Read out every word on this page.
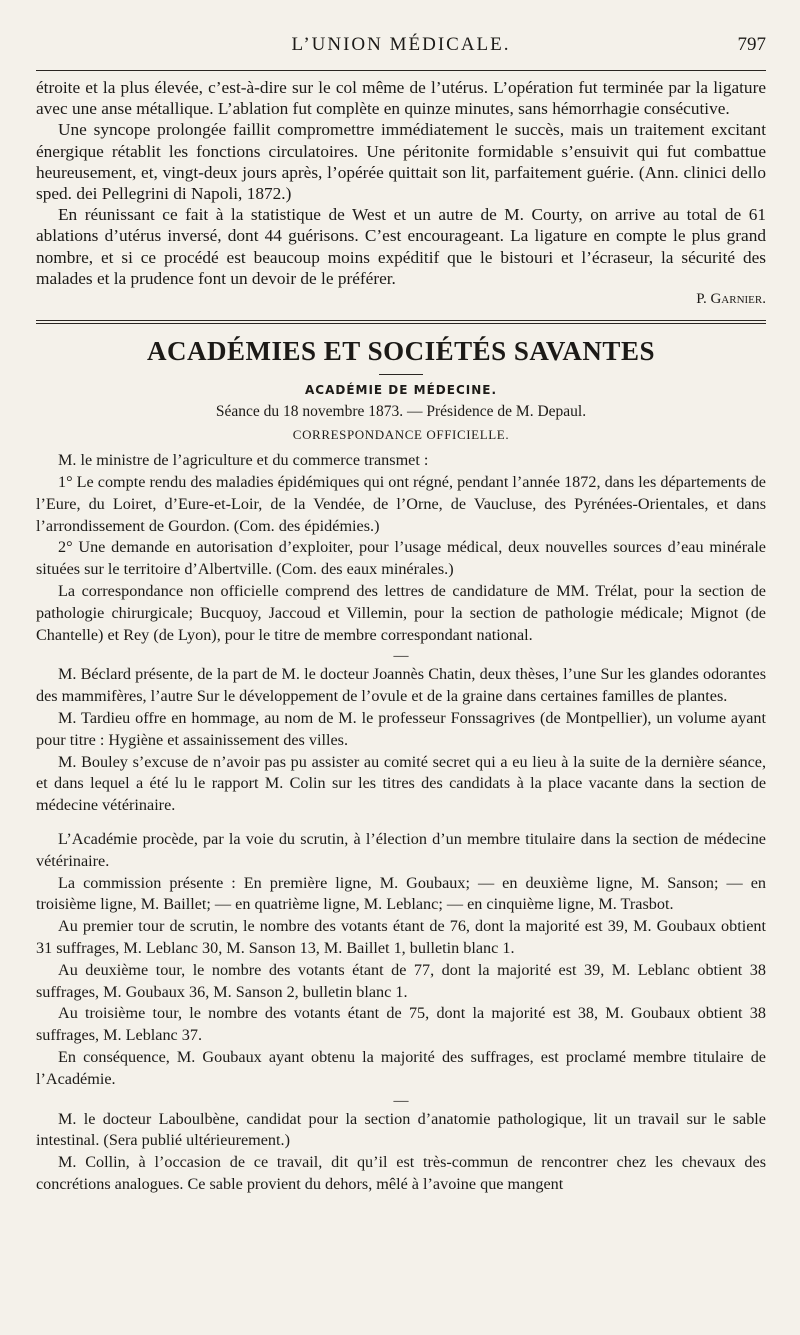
L’UNION MÉDICALE.	797

étroite et la plus élevée, c’est-à-dire sur le col même de l’utérus. L’opération fut terminée par la ligature avec une anse métallique. L’ablation fut complète en quinze minutes, sans hémorrhagie consécutive.

Une syncope prolongée faillit compromettre immédiatement le succès, mais un traitement excitant énergique rétablit les fonctions circulatoires. Une péritonite formidable s’ensuivit qui fut combattue heureusement, et, vingt-deux jours après, l’opérée quittait son lit, parfaitement guérie. (Ann. clinici dello sped. dei Pellegrini di Napoli, 1872.)

En réunissant ce fait à la statistique de West et un autre de M. Courty, on arrive au total de 61 ablations d’utérus inversé, dont 44 guérisons. C’est encourageant. La ligature en compte le plus grand nombre, et si ce procédé est beaucoup moins expéditif que le bistouri et l’écraseur, la sécurité des malades et la prudence font un devoir de le préférer.

P. Garnier.

ACADÉMIES ET SOCIÉTÉS SAVANTES
ACADÉMIE DE MÉDECINE.
Séance du 18 novembre 1873. — Présidence de M. Depaul.
CORRESPONDANCE OFFICIELLE.

M. le ministre de l’agriculture et du commerce transmet :

1° Le compte rendu des maladies épidémiques qui ont régné, pendant l’année 1872, dans les départements de l’Eure, du Loiret, d’Eure-et-Loir, de la Vendée, de l’Orne, de Vaucluse, des Pyrénées-Orientales, et dans l’arrondissement de Gourdon. (Com. des épidémies.)

2° Une demande en autorisation d’exploiter, pour l’usage médical, deux nouvelles sources d’eau minérale situées sur le territoire d’Albertville. (Com. des eaux minérales.)

La correspondance non officielle comprend des lettres de candidature de MM. Trélat, pour la section de pathologie chirurgicale; Bucquoy, Jaccoud et Villemin, pour la section de pathologie médicale; Mignot (de Chantelle) et Rey (de Lyon), pour le titre de membre correspondant national.

—

M. Béclard présente, de la part de M. le docteur Joannès Chatin, deux thèses, l’une Sur les glandes odorantes des mammifères, l’autre Sur le développement de l’ovule et de la graine dans certaines familles de plantes.

M. Tardieu offre en hommage, au nom de M. le professeur Fonssagrives (de Montpellier), un volume ayant pour titre : Hygiène et assainissement des villes.

M. Bouley s’excuse de n’avoir pas pu assister au comité secret qui a eu lieu à la suite de la dernière séance, et dans lequel a été lu le rapport M. Colin sur les titres des candidats à la place vacante dans la section de médecine vétérinaire.

L’Académie procède, par la voie du scrutin, à l’élection d’un membre titulaire dans la section de médecine vétérinaire.

La commission présente : En première ligne, M. Goubaux; — en deuxième ligne, M. Sanson; — en troisième ligne, M. Baillet; — en quatrième ligne, M. Leblanc; — en cinquième ligne, M. Trasbot.

Au premier tour de scrutin, le nombre des votants étant de 76, dont la majorité est 39, M. Goubaux obtient 31 suffrages, M. Leblanc 30, M. Sanson 13, M. Baillet 1, bulletin blanc 1.

Au deuxième tour, le nombre des votants étant de 77, dont la majorité est 39, M. Leblanc obtient 38 suffrages, M. Goubaux 36, M. Sanson 2, bulletin blanc 1.

Au troisième tour, le nombre des votants étant de 75, dont la majorité est 38, M. Goubaux obtient 38 suffrages, M. Leblanc 37.

En conséquence, M. Goubaux ayant obtenu la majorité des suffrages, est proclamé membre titulaire de l’Académie.

—

M. le docteur Laboulbène, candidat pour la section d’anatomie pathologique, lit un travail sur le sable intestinal. (Sera publié ultérieurement.)

M. Collin, à l’occasion de ce travail, dit qu’il est très-commun de rencontrer chez les chevaux des concrétions analogues. Ce sable provient du dehors, mêlé à l’avoine que mangent
